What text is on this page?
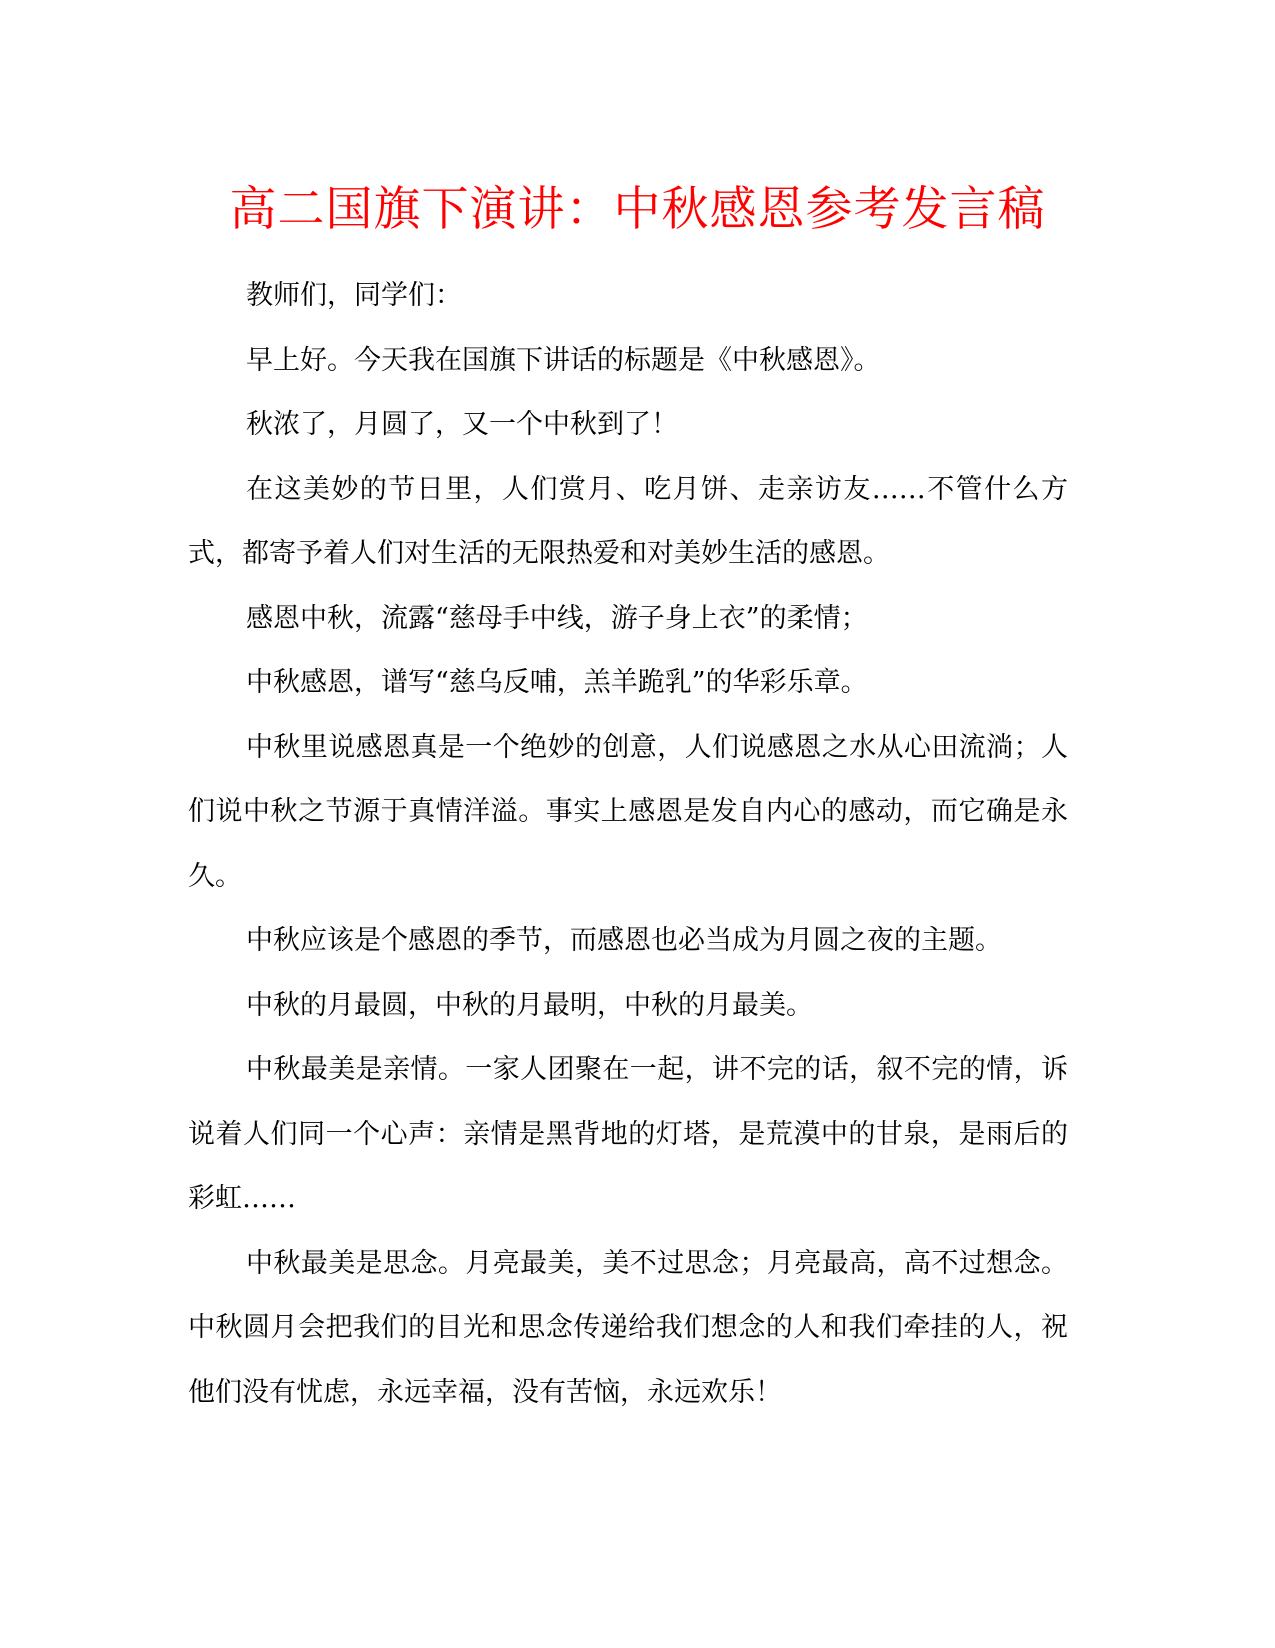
高二国旗下演讲：中秋感恩参考发言稿

教师们，同学们：

早上好。今天我在国旗下讲话的标题是《中秋感恩》。

秋浓了，月圆了，又一个中秋到了！

在这美妙的节日里，人们赏月、吃月饼、走亲访友……不管什么方式，都寄予着人们对生活的无限热爱和对美妙生活的感恩。

感恩中秋，流露“慈母手中线，游子身上衣”的柔情；

中秋感恩，谱写“慈乌反哺，羔羊跪乳”的华彩乐章。

中秋里说感恩真是一个绝妙的创意，人们说感恩之水从心田流淌；人们说中秋之节源于真情洋溢。事实上感恩是发自内心的感动，而它确是永久。

中秋应该是个感恩的季节，而感恩也必当成为月圆之夜的主题。

中秋的月最圆，中秋的月最明，中秋的月最美。

中秋最美是亲情。一家人团聚在一起，讲不完的话，叙不完的情，诉说着人们同一个心声：亲情是黑背地的灯塔，是荒漠中的甘泉，是雨后的彩虹……

中秋最美是思念。月亮最美，美不过思念；月亮最高，高不过想念。中秋圆月会把我们的目光和思念传递给我们想念的人和我们牵挂的人，祝他们没有忧虑，永远幸福，没有苦恼，永远欢乐！
